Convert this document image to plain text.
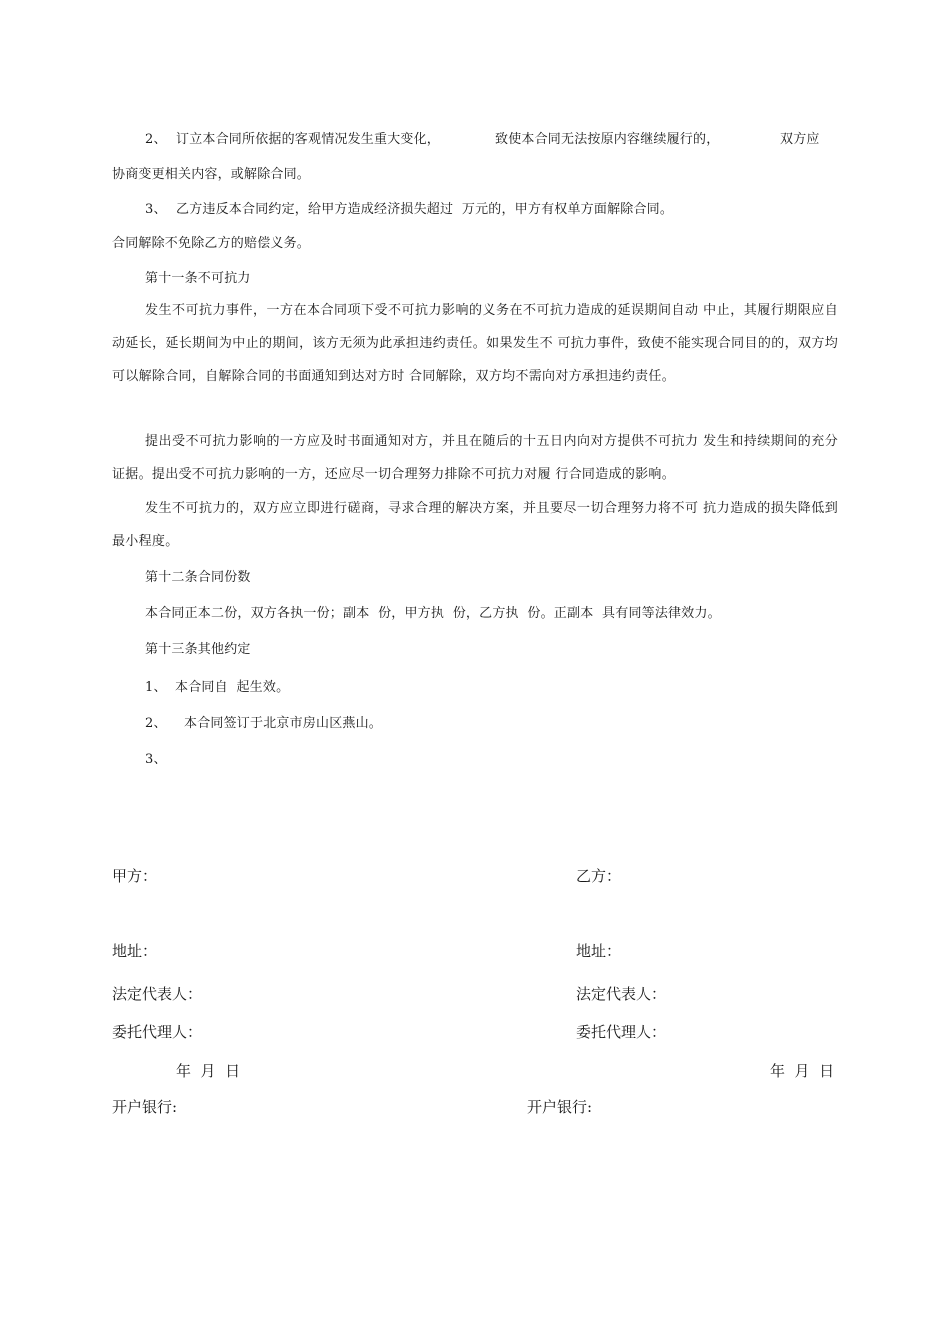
2、 订立本合同所依据的客观情况发生重大变化，	致使本合同无法按原内容继续履行的，	双方应
协商变更相关内容，或解除合同。
3、 乙方违反本合同约定，给甲方造成经济损失超过  万元的，甲方有权单方面解除合同。
合同解除不免除乙方的赔偿义务。
第十一条不可抗力
发生不可抗力事件，一方在本合同项下受不可抗力影响的义务在不可抗力造成的延误期间自动 中止，其履行期限应自动延长，延长期间为中止的期间，该方无须为此承担违约责任。如果发生不 可抗力事件，致使不能实现合同目的的，双方均可以解除合同，自解除合同的书面通知到达对方时 合同解除，双方均不需向对方承担违约责任。
提出受不可抗力影响的一方应及时书面通知对方，并且在随后的十五日内向对方提供不可抗力 发生和持续期间的充分证据。提出受不可抗力影响的一方，还应尽一切合理努力排除不可抗力对履 行合同造成的影响。
发生不可抗力的，双方应立即进行磋商，寻求合理的解决方案，并且要尽一切合理努力将不可 抗力造成的损失降低到最小程度。
第十二条合同份数
本合同正本二份，双方各执一份；副本  份，甲方执  份，乙方执  份。正副本  具有同等法律效力。
第十三条其他约定
1、 本合同自  起生效。
2、 本合同签订于北京市房山区燕山。
3、
甲方：
地址：
法定代表人：
委托代理人：
年  月  日
开户银行:
乙方：
地址：
法定代表人：
委托代理人：
年  月  日
开户银行:
